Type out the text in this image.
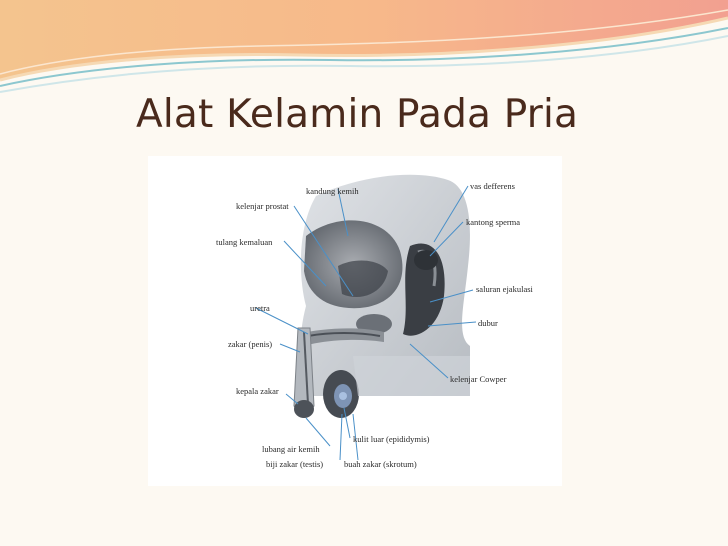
Alat Kelamin Pada Pria
kandung kemih
kelenjar prostat
tulang kemaluan
uretra
zakar (penis)
kepala zakar
kulit luar (epididymis)
lubang air kemih
biji zakar (testis) buah zakar (skrotum)
kelenjar Cowper
dubur
saluran ejakulasi
kantong sperma
vas defferens
